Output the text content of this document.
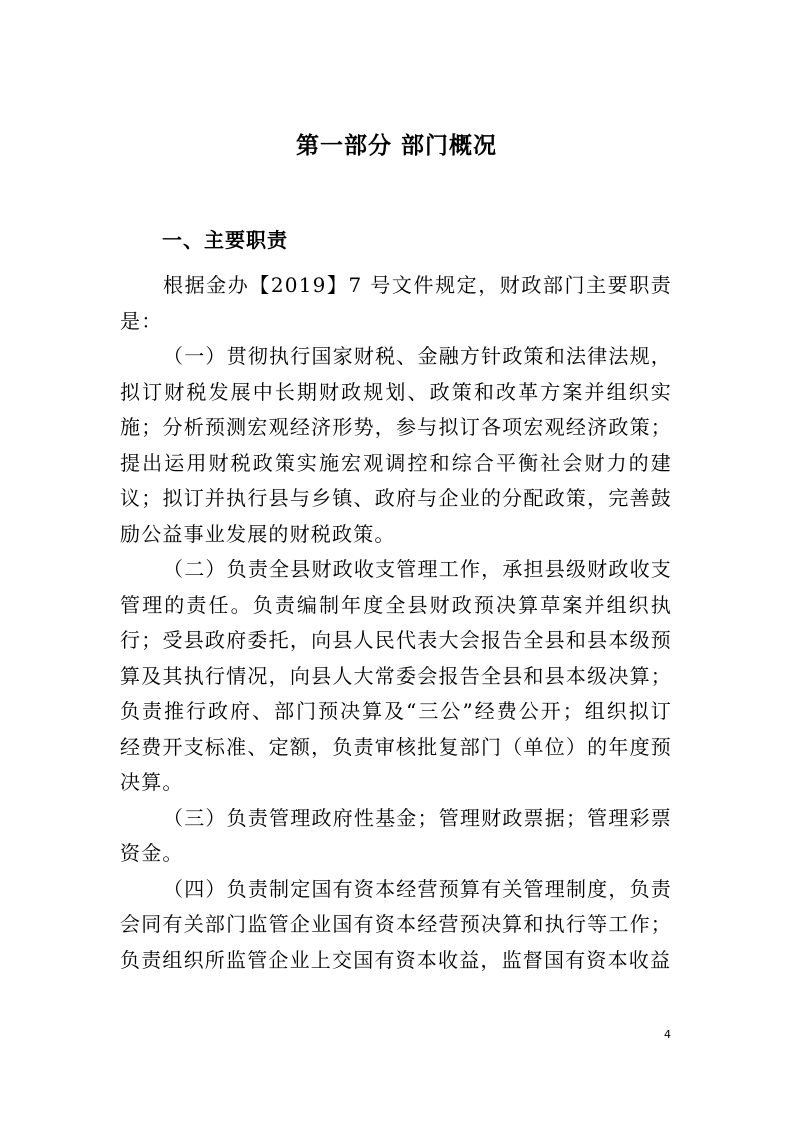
第一部分 部门概况
一、主要职责

根据金办【2019】7 号文件规定，财政部门主要职责是：

（一）贯彻执行国家财税、金融方针政策和法律法规，拟订财税发展中长期财政规划、政策和改革方案并组织实施；分析预测宏观经济形势，参与拟订各项宏观经济政策；提出运用财税政策实施宏观调控和综合平衡社会财力的建议；拟订并执行县与乡镇、政府与企业的分配政策，完善鼓励公益事业发展的财税政策。

（二）负责全县财政收支管理工作，承担县级财政收支管理的责任。负责编制年度全县财政预决算草案并组织执行；受县政府委托，向县人民代表大会报告全县和县本级预算及其执行情况，向县人大常委会报告全县和县本级决算；负责推行政府、部门预决算及“三公”经费公开；组织拟订经费开支标准、定额，负责审核批复部门（单位）的年度预决算。

（三）负责管理政府性基金；管理财政票据；管理彩票资金。

（四）负责制定国有资本经营预算有关管理制度，负责会同有关部门监管企业国有资本经营预决算和执行等工作；负责组织所监管企业上交国有资本收益，监督国有资本收益

4
